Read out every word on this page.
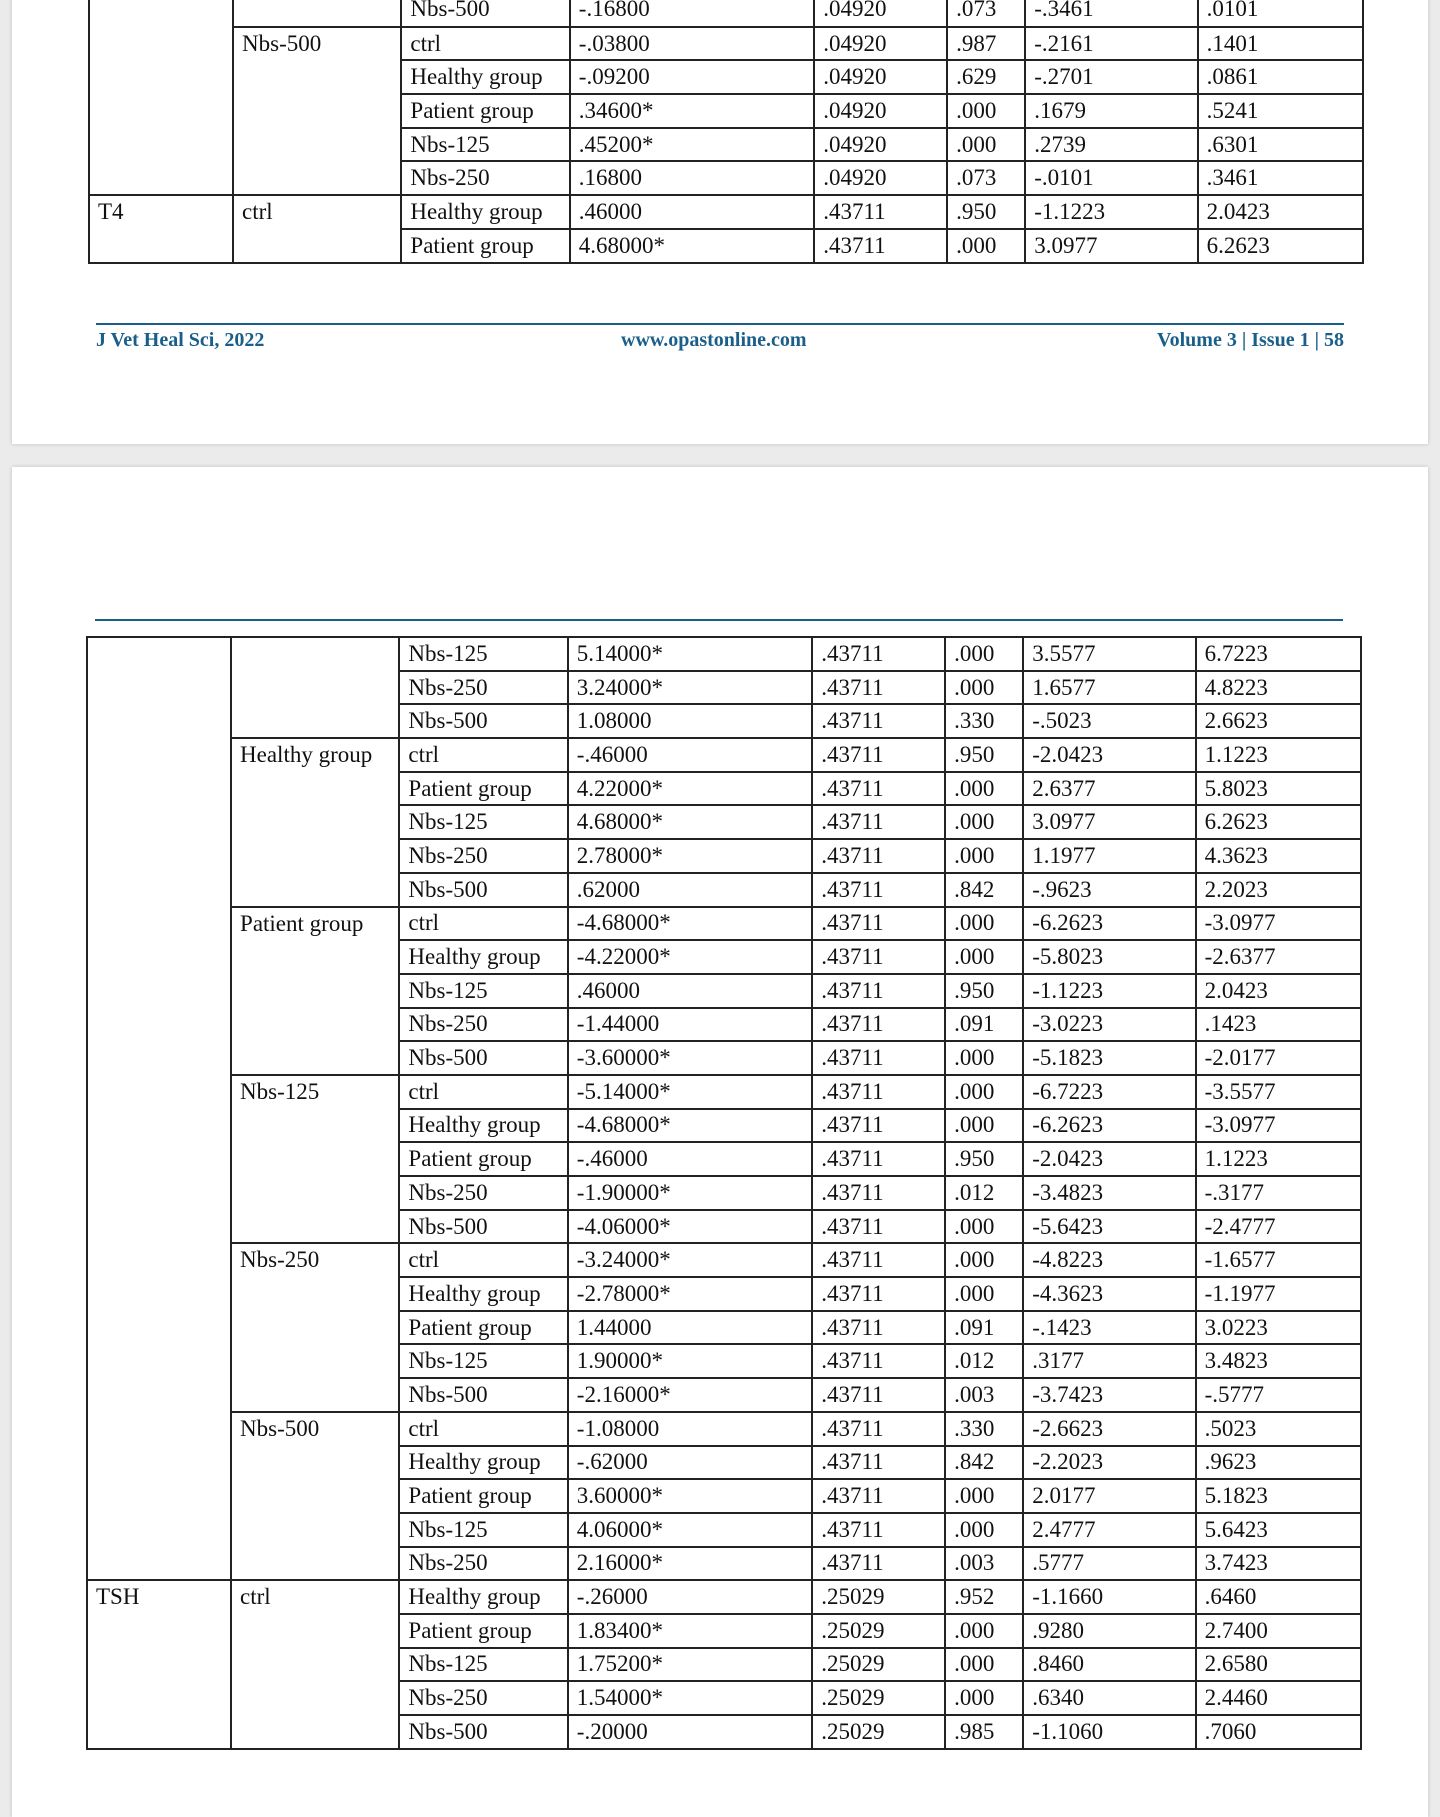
		Nbs-500	-.16800	.04920	.073	-.3461	.0101
	Nbs-500	ctrl	-.03800	.04920	.987	-.2161	.1401
		Healthy group	-.09200	.04920	.629	-.2701	.0861
		Patient group	.34600*	.04920	.000	.1679	.5241
		Nbs-125	.45200*	.04920	.000	.2739	.6301
		Nbs-250	.16800	.04920	.073	-.0101	.3461
T4	ctrl	Healthy group	.46000	.43711	.950	-1.1223	2.0423
		Patient group	4.68000*	.43711	.000	3.0977	6.2623
J Vet Heal Sci, 2022	www.opastonline.com	Volume 3 | Issue 1 | 58
		Nbs-125	5.14000*	.43711	.000	3.5577	6.7223
		Nbs-250	3.24000*	.43711	.000	1.6577	4.8223
		Nbs-500	1.08000	.43711	.330	-.5023	2.6623
	Healthy group	ctrl	-.46000	.43711	.950	-2.0423	1.1223
		Patient group	4.22000*	.43711	.000	2.6377	5.8023
		Nbs-125	4.68000*	.43711	.000	3.0977	6.2623
		Nbs-250	2.78000*	.43711	.000	1.1977	4.3623
		Nbs-500	.62000	.43711	.842	-.9623	2.2023
	Patient group	ctrl	-4.68000*	.43711	.000	-6.2623	-3.0977
		Healthy group	-4.22000*	.43711	.000	-5.8023	-2.6377
		Nbs-125	.46000	.43711	.950	-1.1223	2.0423
		Nbs-250	-1.44000	.43711	.091	-3.0223	.1423
		Nbs-500	-3.60000*	.43711	.000	-5.1823	-2.0177
	Nbs-125	ctrl	-5.14000*	.43711	.000	-6.7223	-3.5577
		Healthy group	-4.68000*	.43711	.000	-6.2623	-3.0977
		Patient group	-.46000	.43711	.950	-2.0423	1.1223
		Nbs-250	-1.90000*	.43711	.012	-3.4823	-.3177
		Nbs-500	-4.06000*	.43711	.000	-5.6423	-2.4777
	Nbs-250	ctrl	-3.24000*	.43711	.000	-4.8223	-1.6577
		Healthy group	-2.78000*	.43711	.000	-4.3623	-1.1977
		Patient group	1.44000	.43711	.091	-.1423	3.0223
		Nbs-125	1.90000*	.43711	.012	.3177	3.4823
		Nbs-500	-2.16000*	.43711	.003	-3.7423	-.5777
	Nbs-500	ctrl	-1.08000	.43711	.330	-2.6623	.5023
		Healthy group	-.62000	.43711	.842	-2.2023	.9623
		Patient group	3.60000*	.43711	.000	2.0177	5.1823
		Nbs-125	4.06000*	.43711	.000	2.4777	5.6423
		Nbs-250	2.16000*	.43711	.003	.5777	3.7423
TSH	ctrl	Healthy group	-.26000	.25029	.952	-1.1660	.6460
		Patient group	1.83400*	.25029	.000	.9280	2.7400
		Nbs-125	1.75200*	.25029	.000	.8460	2.6580
		Nbs-250	1.54000*	.25029	.000	.6340	2.4460
		Nbs-500	-.20000	.25029	.985	-1.1060	.7060
